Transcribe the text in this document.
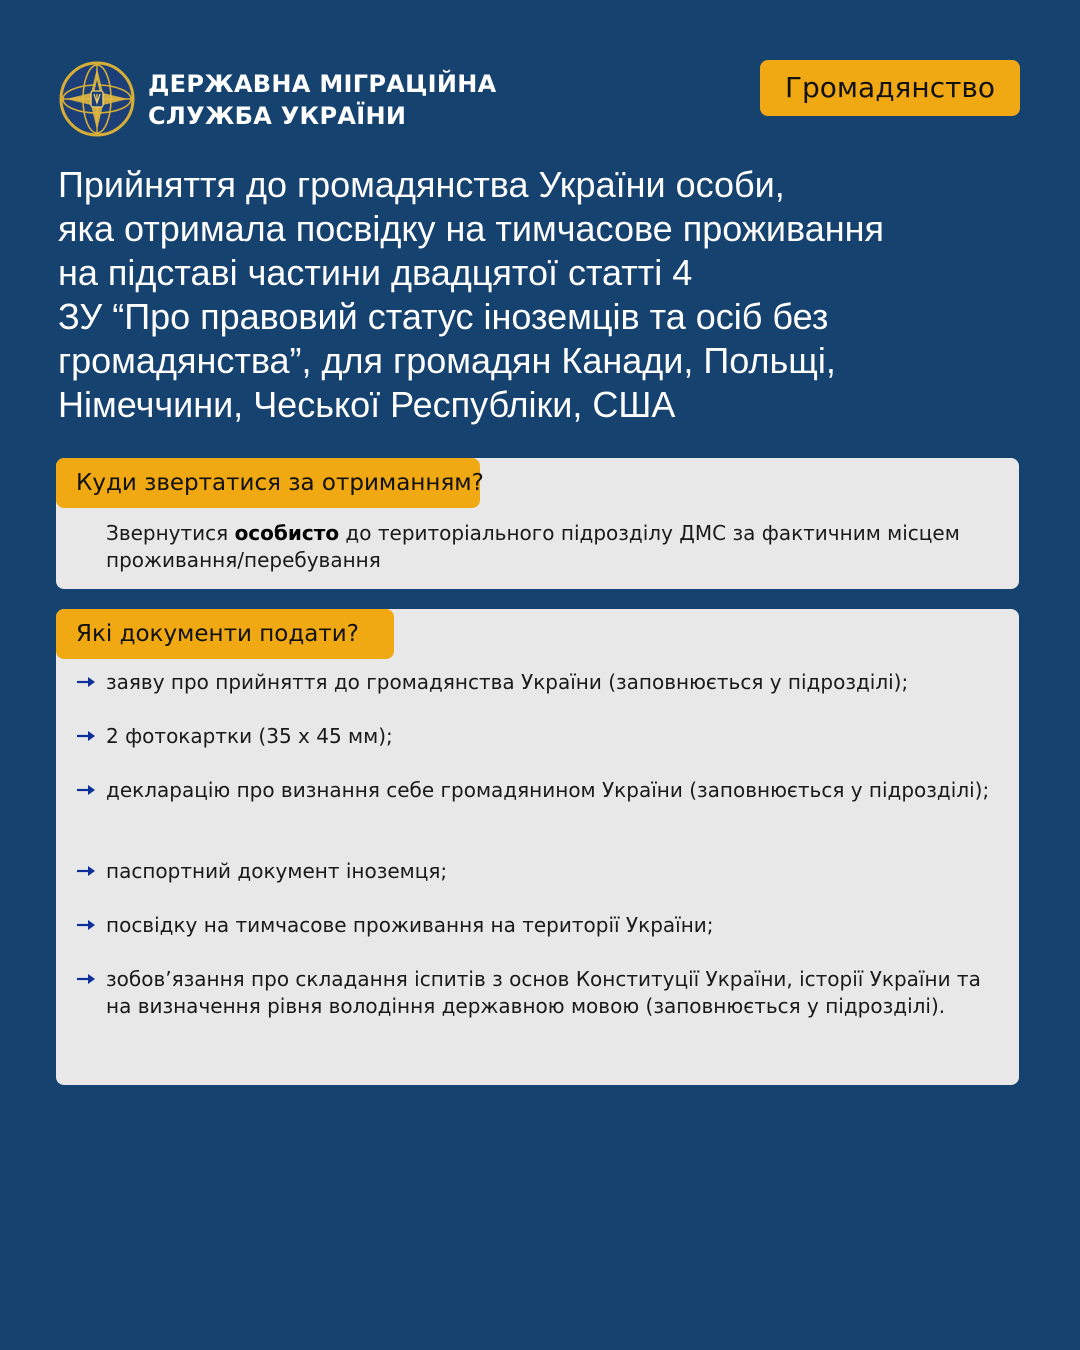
ДЕРЖАВНА МІГРАЦІЙНА
СЛУЖБА УКРАЇНИ
Громадянство
Прийняття до громадянства України особи,
яка отримала посвідку на тимчасове проживання
на підставі частини двадцятої статті 4
ЗУ “Про правовий статус іноземців та осіб без
громадянства”, для громадян Канади, Польщі,
Німеччини, Чеської Республіки, США
Куди звертатися за отриманням?
Звернутися особисто до територіального підрозділу ДМС за фактичним місцем проживання/перебування
Які документи подати?
заяву про прийняття до громадянства України (заповнюється у підрозділі);
2 фотокартки (35 х 45 мм);
декларацію про визнання себе громадянином України (заповнюється у підрозділі);
паспортний документ іноземця;
посвідку на тимчасове проживання на території України;
зобов’язання про складання іспитів з основ Конституції України, історії України та на визначення рівня володіння державною мовою (заповнюється у підрозділі).
